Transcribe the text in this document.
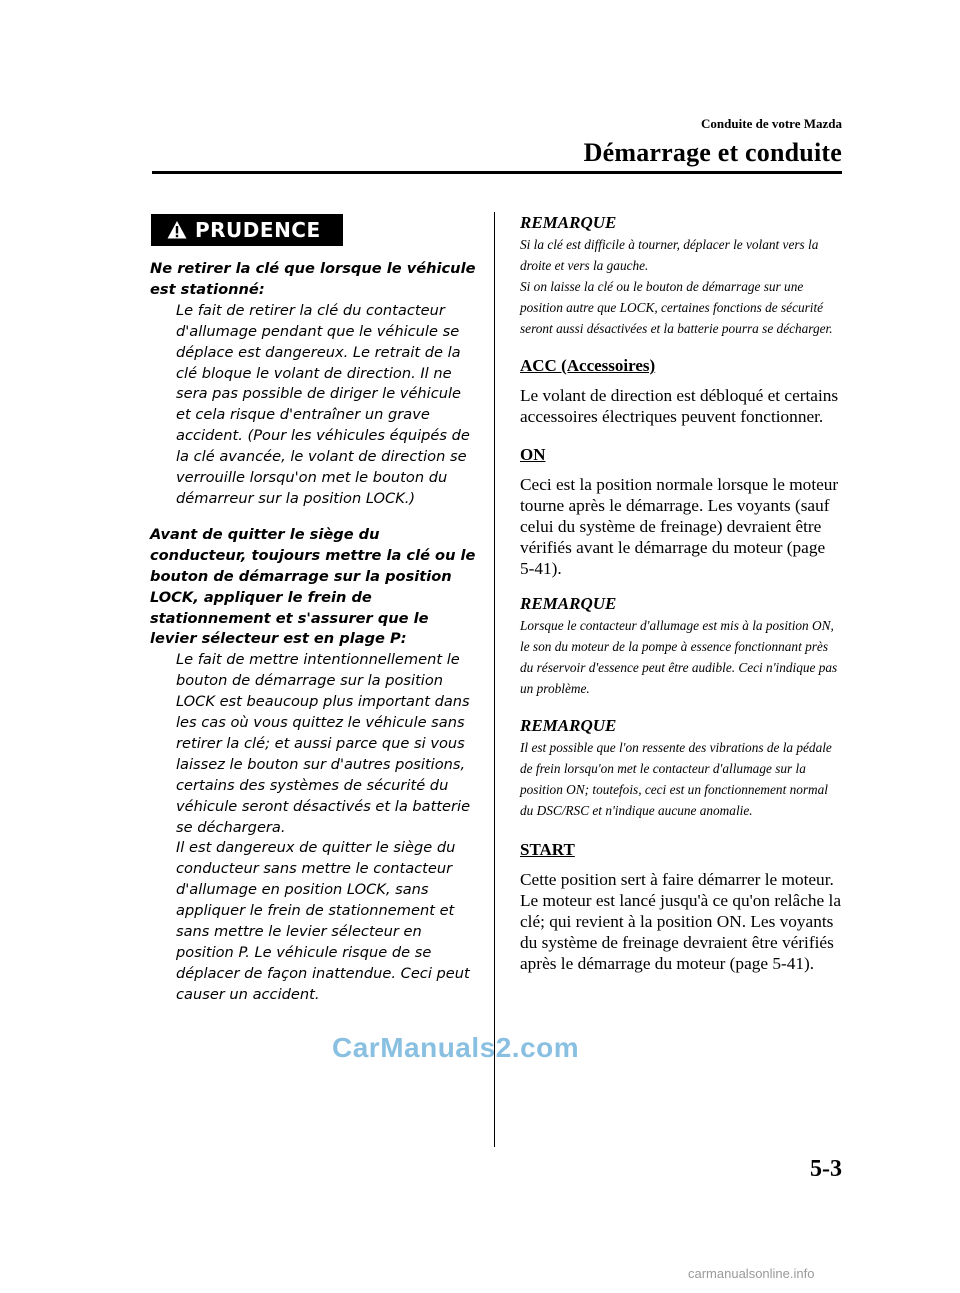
Conduite de votre Mazda
Démarrage et conduite
PRUDENCE

Ne retirer la clé que lorsque le véhicule est stationné:

Le fait de retirer la clé du contacteur d'allumage pendant que le véhicule se déplace est dangereux. Le retrait de la clé bloque le volant de direction. Il ne sera pas possible de diriger le véhicule et cela risque d'entraîner un grave accident. (Pour les véhicules équipés de la clé avancée, le volant de direction se verrouille lorsqu'on met le bouton du démarreur sur la position LOCK.)

Avant de quitter le siège du conducteur, toujours mettre la clé ou le bouton de démarrage sur la position LOCK, appliquer le frein de stationnement et s'assurer que le levier sélecteur est en plage P:

Le fait de mettre intentionnellement le bouton de démarrage sur la position LOCK est beaucoup plus important dans les cas où vous quittez le véhicule sans retirer la clé; et aussi parce que si vous laissez le bouton sur d'autres positions, certains des systèmes de sécurité du véhicule seront désactivés et la batterie se déchargera.

Il est dangereux de quitter le siège du conducteur sans mettre le contacteur d'allumage en position LOCK, sans appliquer le frein de stationnement et sans mettre le levier sélecteur en position P. Le véhicule risque de se déplacer de façon inattendue. Ceci peut causer un accident.

REMARQUE

Si la clé est difficile à tourner, déplacer le volant vers la droite et vers la gauche.

Si on laisse la clé ou le bouton de démarrage sur une position autre que LOCK, certaines fonctions de sécurité seront aussi désactivées et la batterie pourra se décharger.

ACC (Accessoires)

Le volant de direction est débloqué et certains accessoires électriques peuvent fonctionner.

ON

Ceci est la position normale lorsque le moteur tourne après le démarrage. Les voyants (sauf celui du système de freinage) devraient être vérifiés avant le démarrage du moteur (page 5-41).

REMARQUE

Lorsque le contacteur d'allumage est mis à la position ON, le son du moteur de la pompe à essence fonctionnant près du réservoir d'essence peut être audible. Ceci n'indique pas un problème.

REMARQUE

Il est possible que l'on ressente des vibrations de la pédale de frein lorsqu'on met le contacteur d'allumage sur la position ON; toutefois, ceci est un fonctionnement normal du DSC/RSC et n'indique aucune anomalie.

START

Cette position sert à faire démarrer le moteur. Le moteur est lancé jusqu'à ce qu'on relâche la clé; qui revient à la position ON. Les voyants du système de freinage devraient être vérifiés après le démarrage du moteur (page 5-41).

5-3
CarManuals2.com
carmanualsonline.info
